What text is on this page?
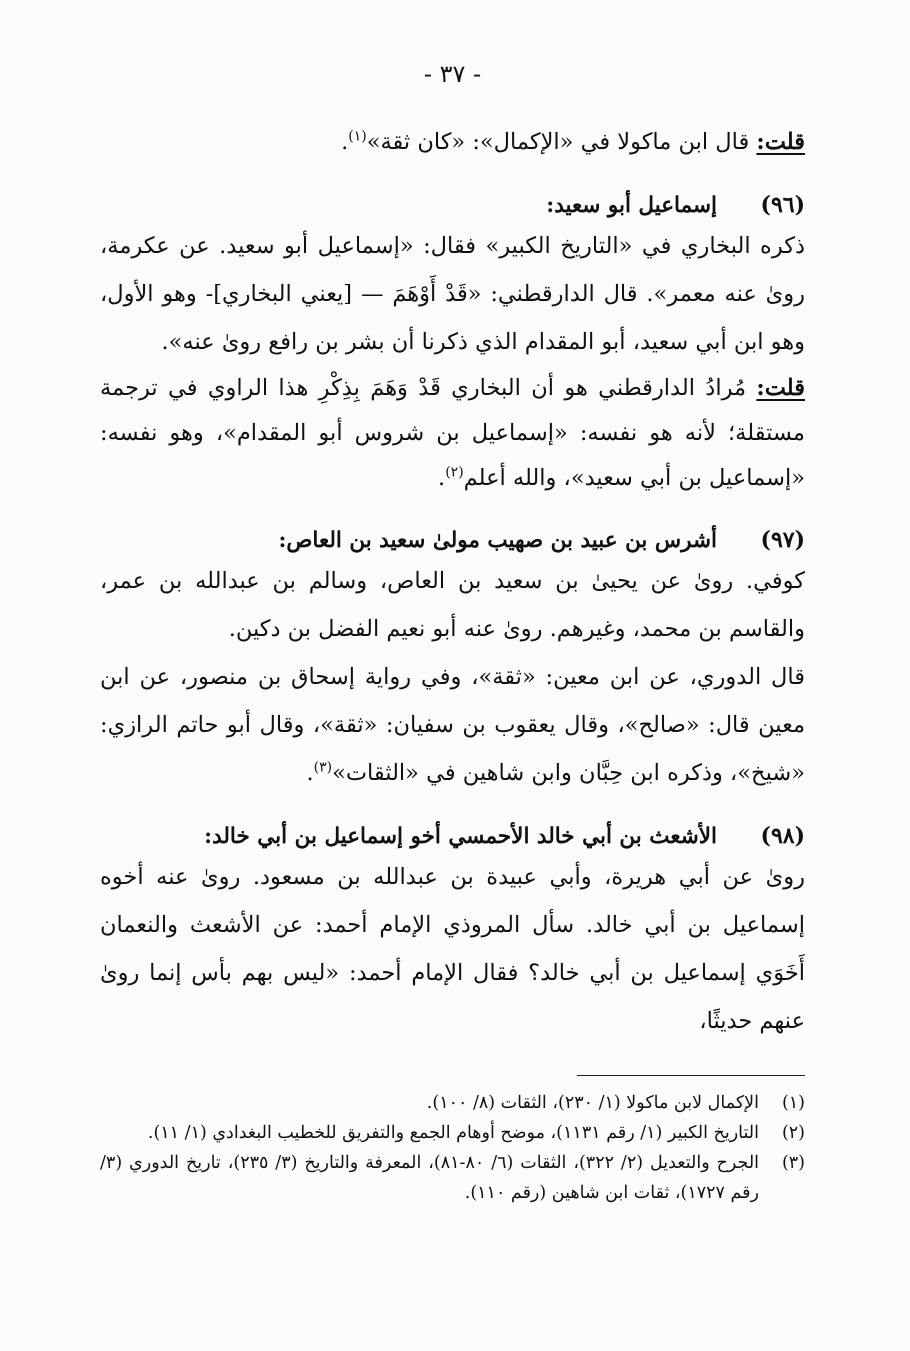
- ٣٧ -
قلت: قال ابن ماكولا في «الإكمال»: «كان ثقة»$^{(١)}$.
(٩٦)
إسماعيل أبو سعيد:
ذكره البخاري في «التاريخ الكبير» فقال: «إسماعيل أبو سعيد. عن عكرمة، رویٰ عنه معمر». قال الدارقطني: «قَدْ أَوْهَمَ — [يعني البخاري]- وهو الأول، وهو ابن أبي سعيد، أبو المقدام الذي ذكرنا أن بشر بن رافع رویٰ عنه».
قلت: مُرادُ الدارقطني هو أن البخاري قَدْ وَهَمَ بِذِكْرِ هذا الراوي في ترجمة مستقلة؛ لأنه هو نفسه: «إسماعيل بن شروس أبو المقدام»، وهو نفسه: «إسماعيل بن أبي سعيد»، والله أعلم$^{(٢)}$.
(٩٧)
أشرس بن عبيد بن صهيب مولیٰ سعيد بن العاص:
كوفي. رویٰ عن يحيیٰ بن سعيد بن العاص، وسالم بن عبدالله بن عمر، والقاسم بن محمد، وغيرهم. رویٰ عنه أبو نعيم الفضل بن دكين.
قال الدوري، عن ابن معين: «ثقة»، وفي رواية إسحاق بن منصور، عن ابن معين قال: «صالح»، وقال يعقوب بن سفيان: «ثقة»، وقال أبو حاتم الرازي: «شيخ»، وذكره ابن حِبَّان وابن شاهين في «الثقات»$^{(٣)}$.
(٩٨)
الأشعث بن أبي خالد الأحمسي أخو إسماعيل بن أبي خالد:
رویٰ عن أبي هريرة، وأبي عبيدة بن عبدالله بن مسعود. رویٰ عنه أخوه إسماعيل بن أبي خالد. سأل المروذي الإمام أحمد: عن الأشعث والنعمان أَخَوَي إسماعيل بن أبي خالد؟ فقال الإمام أحمد: «ليس بهم بأس إنما رویٰ عنهم حديثًا،
(١)
الإكمال لابن ماكولا (١/ ٢٣٠)، الثقات (٨/ ١٠٠).
(٢)
التاريخ الكبير (١/ رقم ١١٣١)، موضح أوهام الجمع والتفريق للخطيب البغدادي (١/ ١١).
(٣)
الجرح والتعديل (٢/ ٣٢٢)، الثقات (٦/ ٨٠-٨١)، المعرفة والتاريخ (٣/ ٢٣٥)، تاريخ الدوري (٣/ رقم ١٧٢٧)، ثقات ابن شاهين (رقم ١١٠).
